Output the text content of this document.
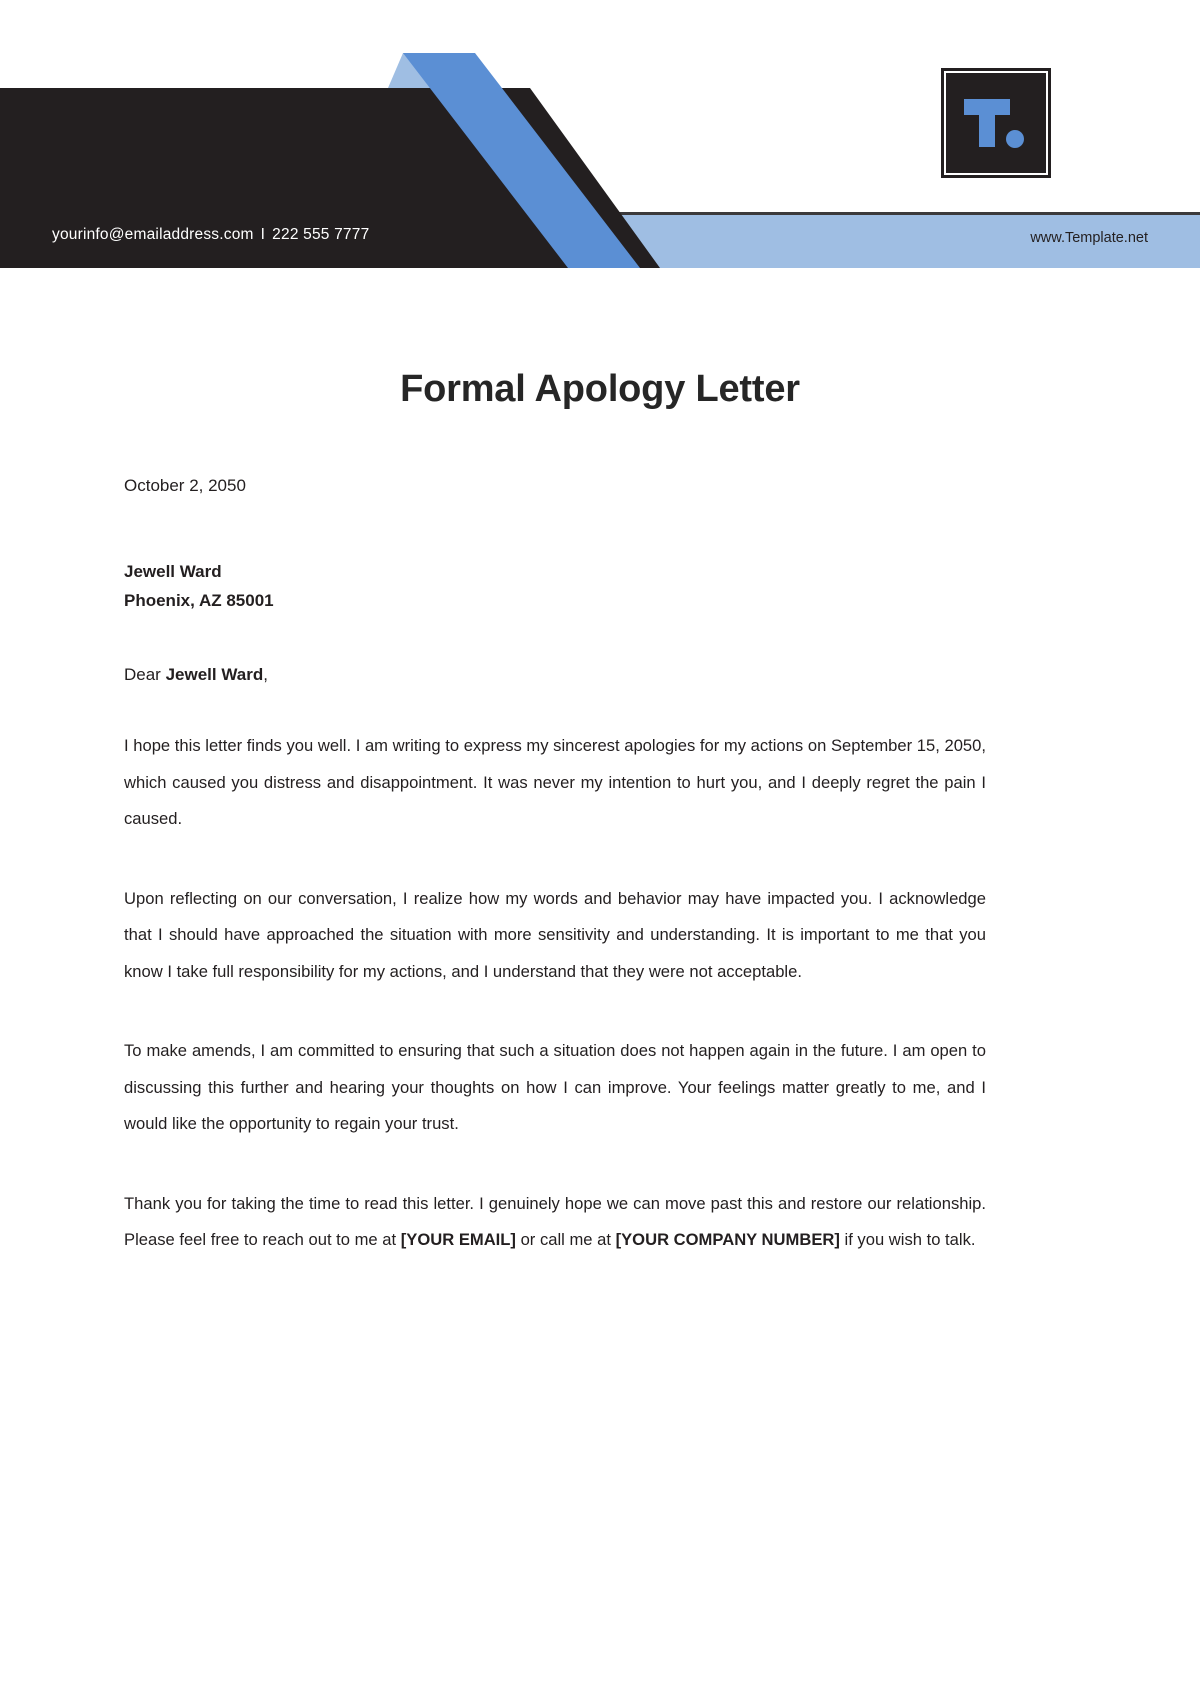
yourinfo@emailaddress.com I 222 555 7777	www.Template.net
Formal Apology Letter
October 2, 2050
Jewell Ward
Phoenix, AZ 85001
Dear Jewell Ward,

I hope this letter finds you well. I am writing to express my sincerest apologies for my actions on September 15, 2050, which caused you distress and disappointment. It was never my intention to hurt you, and I deeply regret the pain I caused.

Upon reflecting on our conversation, I realize how my words and behavior may have impacted you. I acknowledge that I should have approached the situation with more sensitivity and understanding. It is important to me that you know I take full responsibility for my actions, and I understand that they were not acceptable.

To make amends, I am committed to ensuring that such a situation does not happen again in the future. I am open to discussing this further and hearing your thoughts on how I can improve. Your feelings matter greatly to me, and I would like the opportunity to regain your trust.

Thank you for taking the time to read this letter. I genuinely hope we can move past this and restore our relationship. Please feel free to reach out to me at [YOUR EMAIL] or call me at [YOUR COMPANY NUMBER] if you wish to talk.
